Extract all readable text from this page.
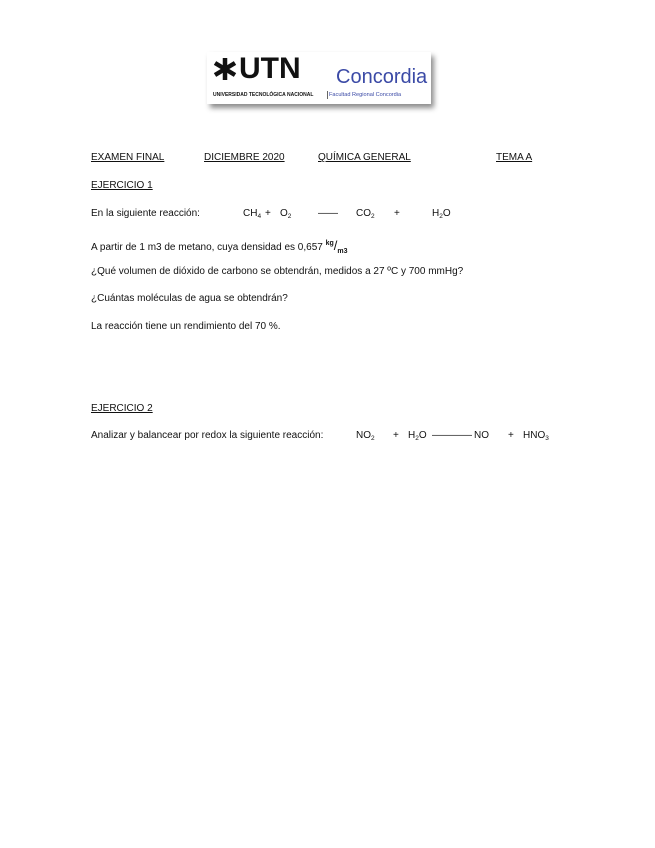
UTN Concordia
UNIVERSIDAD TECNOLÓGICA NACIONAL	Facultad Regional Concordia
EXAMEN FINAL	DICIEMBRE 2020	QUÍMICA GENERAL	TEMA A
EJERCICIO 1
En la siguiente reacción:	$CH_4 + O_2$	—— $CO_2$ +	$H_2O$
A partir de 1 m3 de metano, cuya densidad es 0,657 $^{kg}/_{m3}$
¿Qué volumen de dióxido de carbono se obtendrán, medidos a 27 ºC y 700 mmHg?
¿Cuántas moléculas de agua se obtendrán?
La reacción tiene un rendimiento del 70 %.
EJERCICIO 2
Analizar y balancear por redox la siguiente reacción:	$NO_2 + H_2O$ ———— NO + $HNO_3$
